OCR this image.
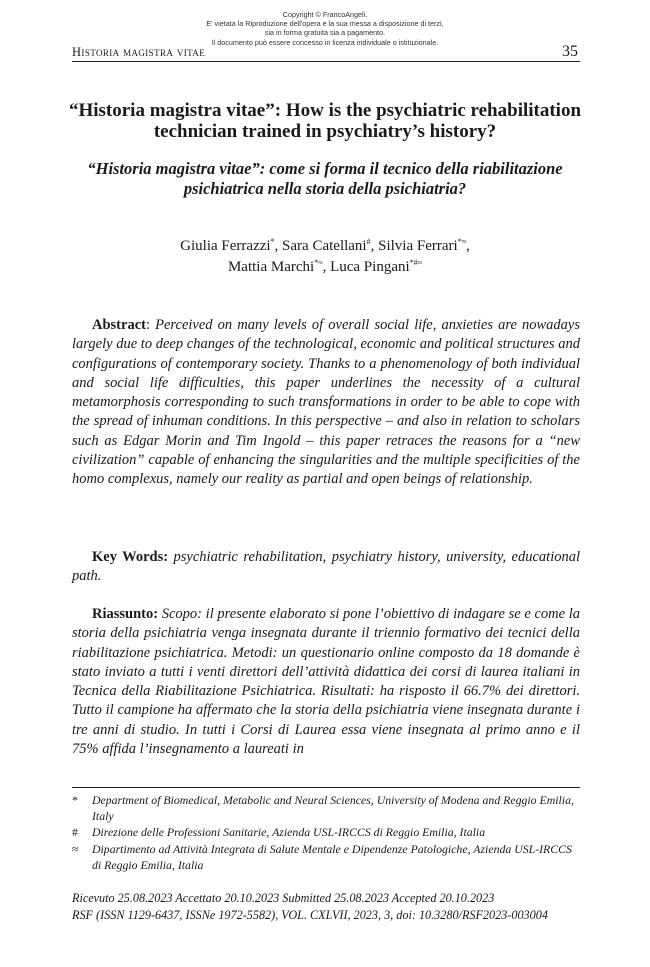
Copyright © FrancoAngeli.
E' vietata la Riproduzione dell'opera e la sua messa a disposizione di terzi,
sia in forma gratuita sia a pagamento.
Il documento può essere concesso in licenza individuale o istituzionale.
Historia magistra vitae	35
“Historia magistra vitae”: How is the psychiatric rehabilitation technician trained in psychiatry’s history?
“Historia magistra vitae”: come si forma il tecnico della riabilitazione psichiatrica nella storia della psichiatria?
Giulia Ferrazzi*, Sara Catellani#, Silvia Ferrari*≈,
Mattia Marchi*≈, Luca Pingani*#≈

Abstract: Perceived on many levels of overall social life, anxieties are nowadays largely due to deep changes of the technological, economic and political structures and configurations of contemporary society. Thanks to a phenomenology of both individual and social life difficulties, this paper underlines the necessity of a cultural metamorphosis corresponding to such transformations in order to be able to cope with the spread of inhuman conditions. In this perspective – and also in relation to scholars such as Edgar Morin and Tim Ingold – this paper retraces the reasons for a “new civilization” capable of enhancing the singularities and the multiple specificities of the homo complexus, namely our reality as partial and open beings of relationship.

Key Words: psychiatric rehabilitation, psychiatry history, university, educational path.

Riassunto: Scopo: il presente elaborato si pone l’obiettivo di indagare se e come la storia della psichiatria venga insegnata durante il triennio formativo dei tecnici della riabilitazione psichiatrica. Metodi: un questionario online composto da 18 domande è stato inviato a tutti i venti direttori dell’attività didattica dei corsi di laurea italiani in Tecnica della Riabilitazione Psichiatrica. Risultati: ha risposto il 66.7% dei direttori. Tutto il campione ha affermato che la storia della psichiatria viene insegnata durante i tre anni di studio. In tutti i Corsi di Laurea essa viene insegnata al primo anno e il 75% affida l’insegnamento a laureati in

*	Department of Biomedical, Metabolic and Neural Sciences, University of Modena and Reggio Emilia, Italy
#	Direzione delle Professioni Sanitarie, Azienda USL-IRCCS di Reggio Emilia, Italia
≈	Dipartimento ad Attività Integrata di Salute Mentale e Dipendenze Patologiche, Azienda USL-IRCCS di Reggio Emilia, Italia
Ricevuto 25.08.2023 Accettato 20.10.2023 Submitted 25.08.2023 Accepted 20.10.2023
RSF (ISSN 1129-6437, ISSNe 1972-5582), VOL. CXLVII, 2023, 3, doi: 10.3280/RSF2023-003004
